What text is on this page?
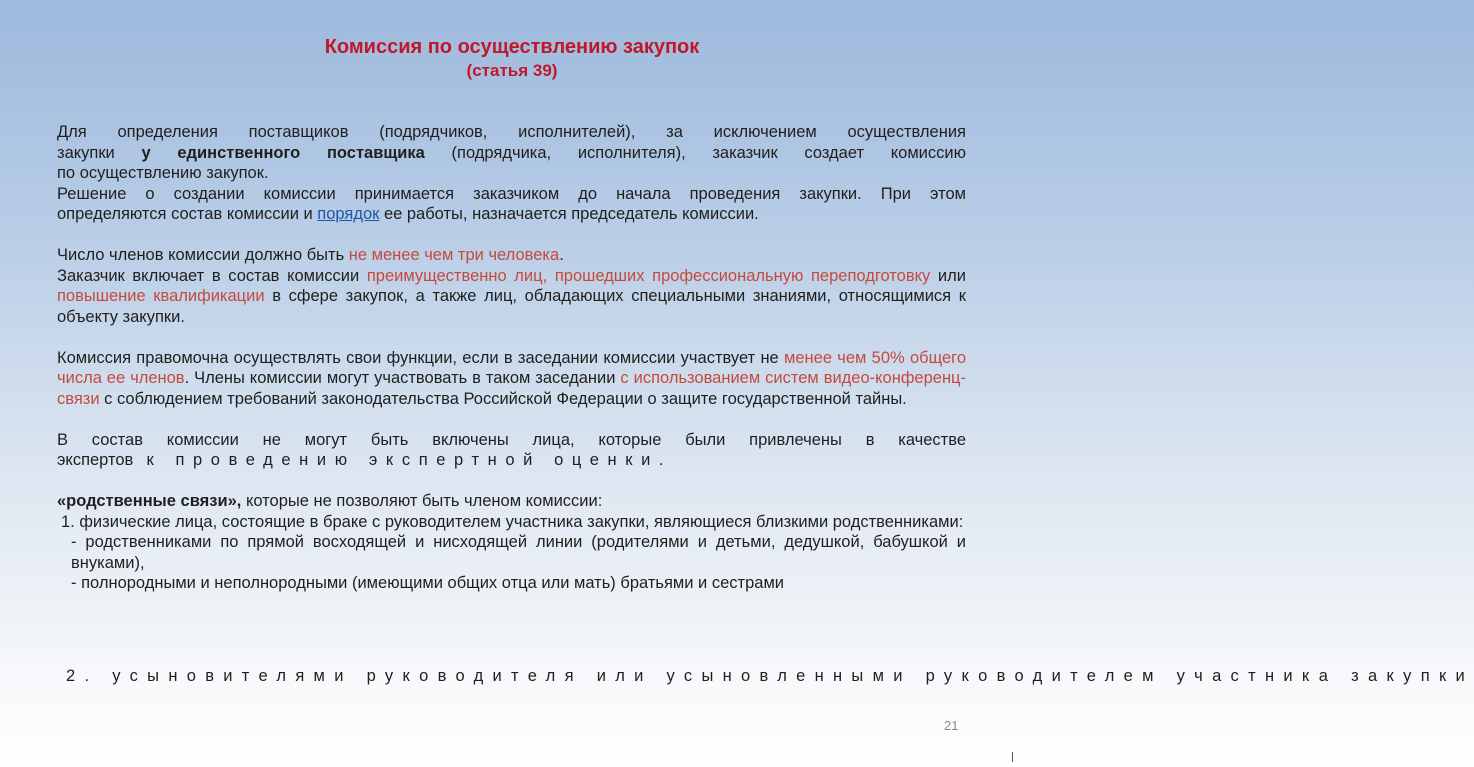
Комиссия по осуществлению закупок
(статья 39)
Для определения поставщиков (подрядчиков, исполнителей), за исключением осуществления
закупки у единственного поставщика (подрядчика, исполнителя), заказчик создает комиссию
по осуществлению закупок.
Решение о создании комиссии принимается заказчиком до начала проведения закупки. При этом
определяются состав комиссии и порядок ее работы, назначается председатель комиссии.
Число членов комиссии должно быть не менее чем три человека.
Заказчик включает в состав комиссии преимущественно лиц, прошедших профессиональную переподготовку или повышение квалификации в сфере закупок, а также лиц, обладающих специальными знаниями, относящимися к объекту закупки.
Комиссия правомочна осуществлять свои функции, если в заседании комиссии участвует не менее чем 50% общего числа ее членов. Члены комиссии могут участвовать в таком заседании с использованием систем видео-конференц-связи с соблюдением требований законодательства Российской Федерации о защите государственной тайны.
В состав комиссии не могут быть включены лица, которые были привлечены в качестве
экспертов к проведению экспертной оценки.
«родственные связи», которые не позволяют быть членом комиссии:
1. физические лица, состоящие в браке с руководителем участника закупки, являющиеся близкими родственниками:
- родственниками по прямой восходящей и нисходящей линии (родителями и детьми, дедушкой, бабушкой и внуками),
- полнородными и неполнородными (имеющими общих отца или мать) братьями и сестрами
2. усыновителями руководителя или усыновленными руководителем участника закупки
21
